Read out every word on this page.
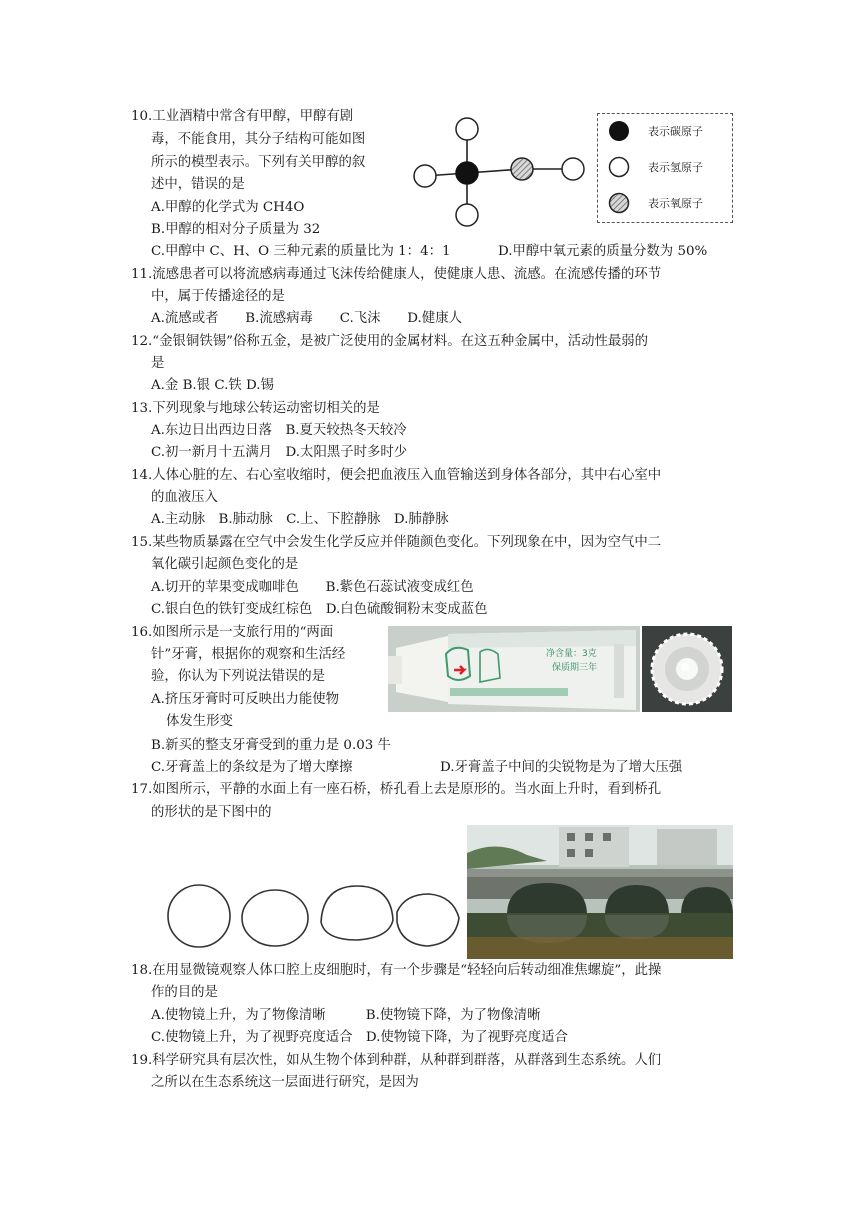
10.工业酒精中常含有甲醇，甲醇有剧
毒，不能食用，其分子结构可能如图
所示的模型表示。下列有关甲醇的叙
述中，错误的是
A.甲醇的化学式为 CH4O
B.甲醇的相对分子质量为 32
C.甲醇中 C、H、O 三种元素的质量比为 1：4：1	D.甲醇中氧元素的质量分数为 50%
表示碳原子
表示氢原子
表示氧原子
11.流感患者可以将流感病毒通过飞沫传给健康人，使健康人患、流感。在流感传播的环节
中，属于传播途径的是
A.流感或者　　B.流感病毒　　C.飞沫　　D.健康人
12.“金银铜铁锡”俗称五金，是被广泛使用的金属材料。在这五种金属中，活动性最弱的
是
A.金 B.银 C.铁 D.锡
13.下列现象与地球公转运动密切相关的是
A.东边日出西边日落　B.夏天较热冬天较冷
C.初一新月十五满月　D.太阳黑子时多时少
14.人体心脏的左、右心室收缩时，便会把血液压入血管输送到身体各部分，其中右心室中
的血液压入
A.主动脉　B.肺动脉　C.上、下腔静脉　D.肺静脉
15.某些物质暴露在空气中会发生化学反应并伴随颜色变化。下列现象在中，因为空气中二
氧化碳引起颜色变化的是
A.切开的苹果变成咖啡色　　B.紫色石蕊试液变成红色
C.银白色的铁钉变成红棕色　D.白色硫酸铜粉末变成蓝色
16.如图所示是一支旅行用的“两面
针”牙膏，根据你的观察和生活经
验，你认为下列说法错误的是
A.挤压牙膏时可反映出力能使物
体发生形变
B.新买的整支牙膏受到的重力是 0.03 牛
C.牙膏盖上的条纹是为了增大摩擦	D.牙膏盖子中间的尖锐物是为了增大压强
净含量：3克
保质期三年
17.如图所示，平静的水面上有一座石桥，桥孔看上去是原形的。当水面上升时，看到桥孔
的形状的是下图中的
18.在用显微镜观察人体口腔上皮细胞时，有一个步骤是“轻轻向后转动细准焦螺旋”，此操
作的目的是
A.使物镜上升，为了物像清晰　　　B.使物镜下降，为了物像清晰
C.使物镜上升，为了视野亮度适合　D.使物镜下降，为了视野亮度适合
19.科学研究具有层次性，如从生物个体到种群，从种群到群落，从群落到生态系统。人们
之所以在生态系统这一层面进行研究，是因为
